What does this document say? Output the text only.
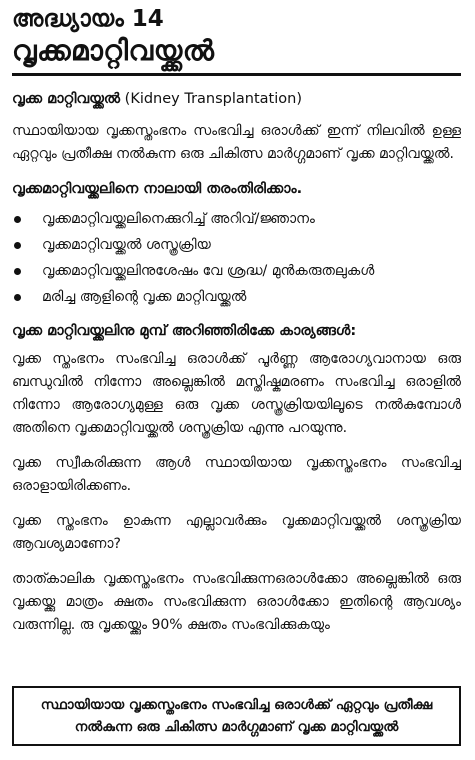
അദ്ധ്യായം 14
വൃക്കമാറ്റിവയ്ക്കൽ
വൃക്ക മാറ്റിവയ്ക്കൽ (Kidney Transplantation)

സ്ഥായിയായ വൃക്കസ്തംഭനം സംഭവിച്ച ഒരാൾക്ക് ഇന്ന് നിലവിൽ ഉള്ള ഏറ്റവും പ്രതീക്ഷ നൽകുന്ന ഒരു ചികിത്സ മാർഗ്ഗമാണ് വൃക്ക മാറ്റിവയ്ക്കൽ.

വൃക്കമാറ്റിവയ്ക്കലിനെ നാലായി തരംതിരിക്കാം.
വൃക്കമാറ്റിവയ്ക്കലിനെക്കുറിച്ച് അറിവ്/ജ്ഞാനം
വൃക്കമാറ്റിവയ്ക്കൽ ശസ്ത്രക്രിയ
വൃക്കമാറ്റിവയ്ക്കലിനുശേഷം വേ ശ്രദ്ധ/ മുൻകരുതലുകൾ
മരിച്ച ആളിന്റെ വൃക്ക മാറ്റിവയ്ക്കൽ
വൃക്ക മാറ്റിവയ്ക്കലിനു മുമ്പ് അറിഞ്ഞിരിക്കേ കാര്യങ്ങൾ:

വൃക്ക സ്തംഭനം സംഭവിച്ച ഒരാൾക്ക് പൂർണ്ണ ആരോഗ്യവാനായ ഒരു ബന്ധുവിൽ നിന്നോ അല്ലെങ്കിൽ മസ്തിഷ്കമരണം സംഭവിച്ച ഒരാളിൽ നിന്നോ ആരോഗ്യമുള്ള ഒരു വൃക്ക ശസ്ത്രക്രിയയിലൂടെ നൽകുമ്പോൾ അതിനെ വൃക്കമാറ്റിവയ്ക്കൽ ശസ്ത്രക്രിയ എന്നു പറയുന്നു.

വൃക്ക സ്വീകരിക്കുന്ന ആൾ സ്ഥായിയായ വൃക്കസ്തംഭനം സംഭവിച്ച ഒരാളായിരിക്കണം.

വൃക്ക സ്തംഭനം ഉാകുന്ന എല്ലാവർക്കും വൃക്കമാറ്റിവയ്ക്കൽ ശസ്ത്രക്രിയ ആവശ്യമാണോ?

താത്കാലിക വൃക്കസ്തംഭനം സംഭവിക്കുന്നഒരാൾക്കോ അല്ലെങ്കിൽ ഒരു വൃക്കയ്ക്കു മാത്രം ക്ഷതം സംഭവിക്കുന്ന ഒരാൾക്കോ ഇതിന്റെ ആവശ്യം വരുന്നില്ല. രു വൃക്കയ്ക്കും 90% ക്ഷതം സംഭവിക്കുകയും

സ്ഥായിയായ വൃക്കസ്തംഭനം സംഭവിച്ച ഒരാൾക്ക് ഏറ്റവും പ്രതീക്ഷ നൽകുന്ന ഒരു ചികിത്സ മാർഗ്ഗമാണ് വൃക്ക മാറ്റിവയ്ക്കൽ
